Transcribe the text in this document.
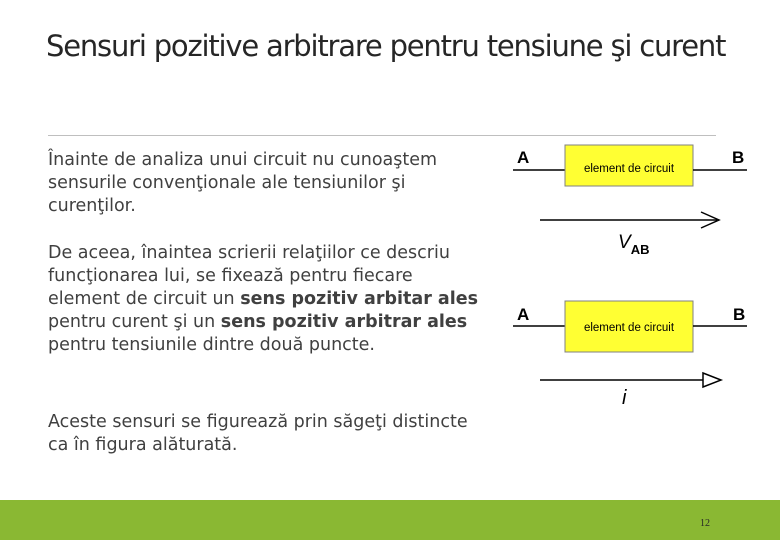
Sensuri pozitive arbitrare pentru tensiune şi curent
Înainte de analiza unui circuit nu cunoaştem sensurile convenţionale ale tensiunilor şi curenţilor.
De aceea, înaintea scrierii relaţiilor ce descriu funcţionarea lui, se fixează pentru fiecare element de circuit un sens pozitiv arbitar ales pentru curent şi un sens pozitiv arbitrar ales pentru tensiunile dintre două puncte.
Aceste sensuri se figurează prin săgeţi distincte ca în figura alăturată.
element de circuit
A	B
$V_{AB}$
element de circuit
A	B
i
12
